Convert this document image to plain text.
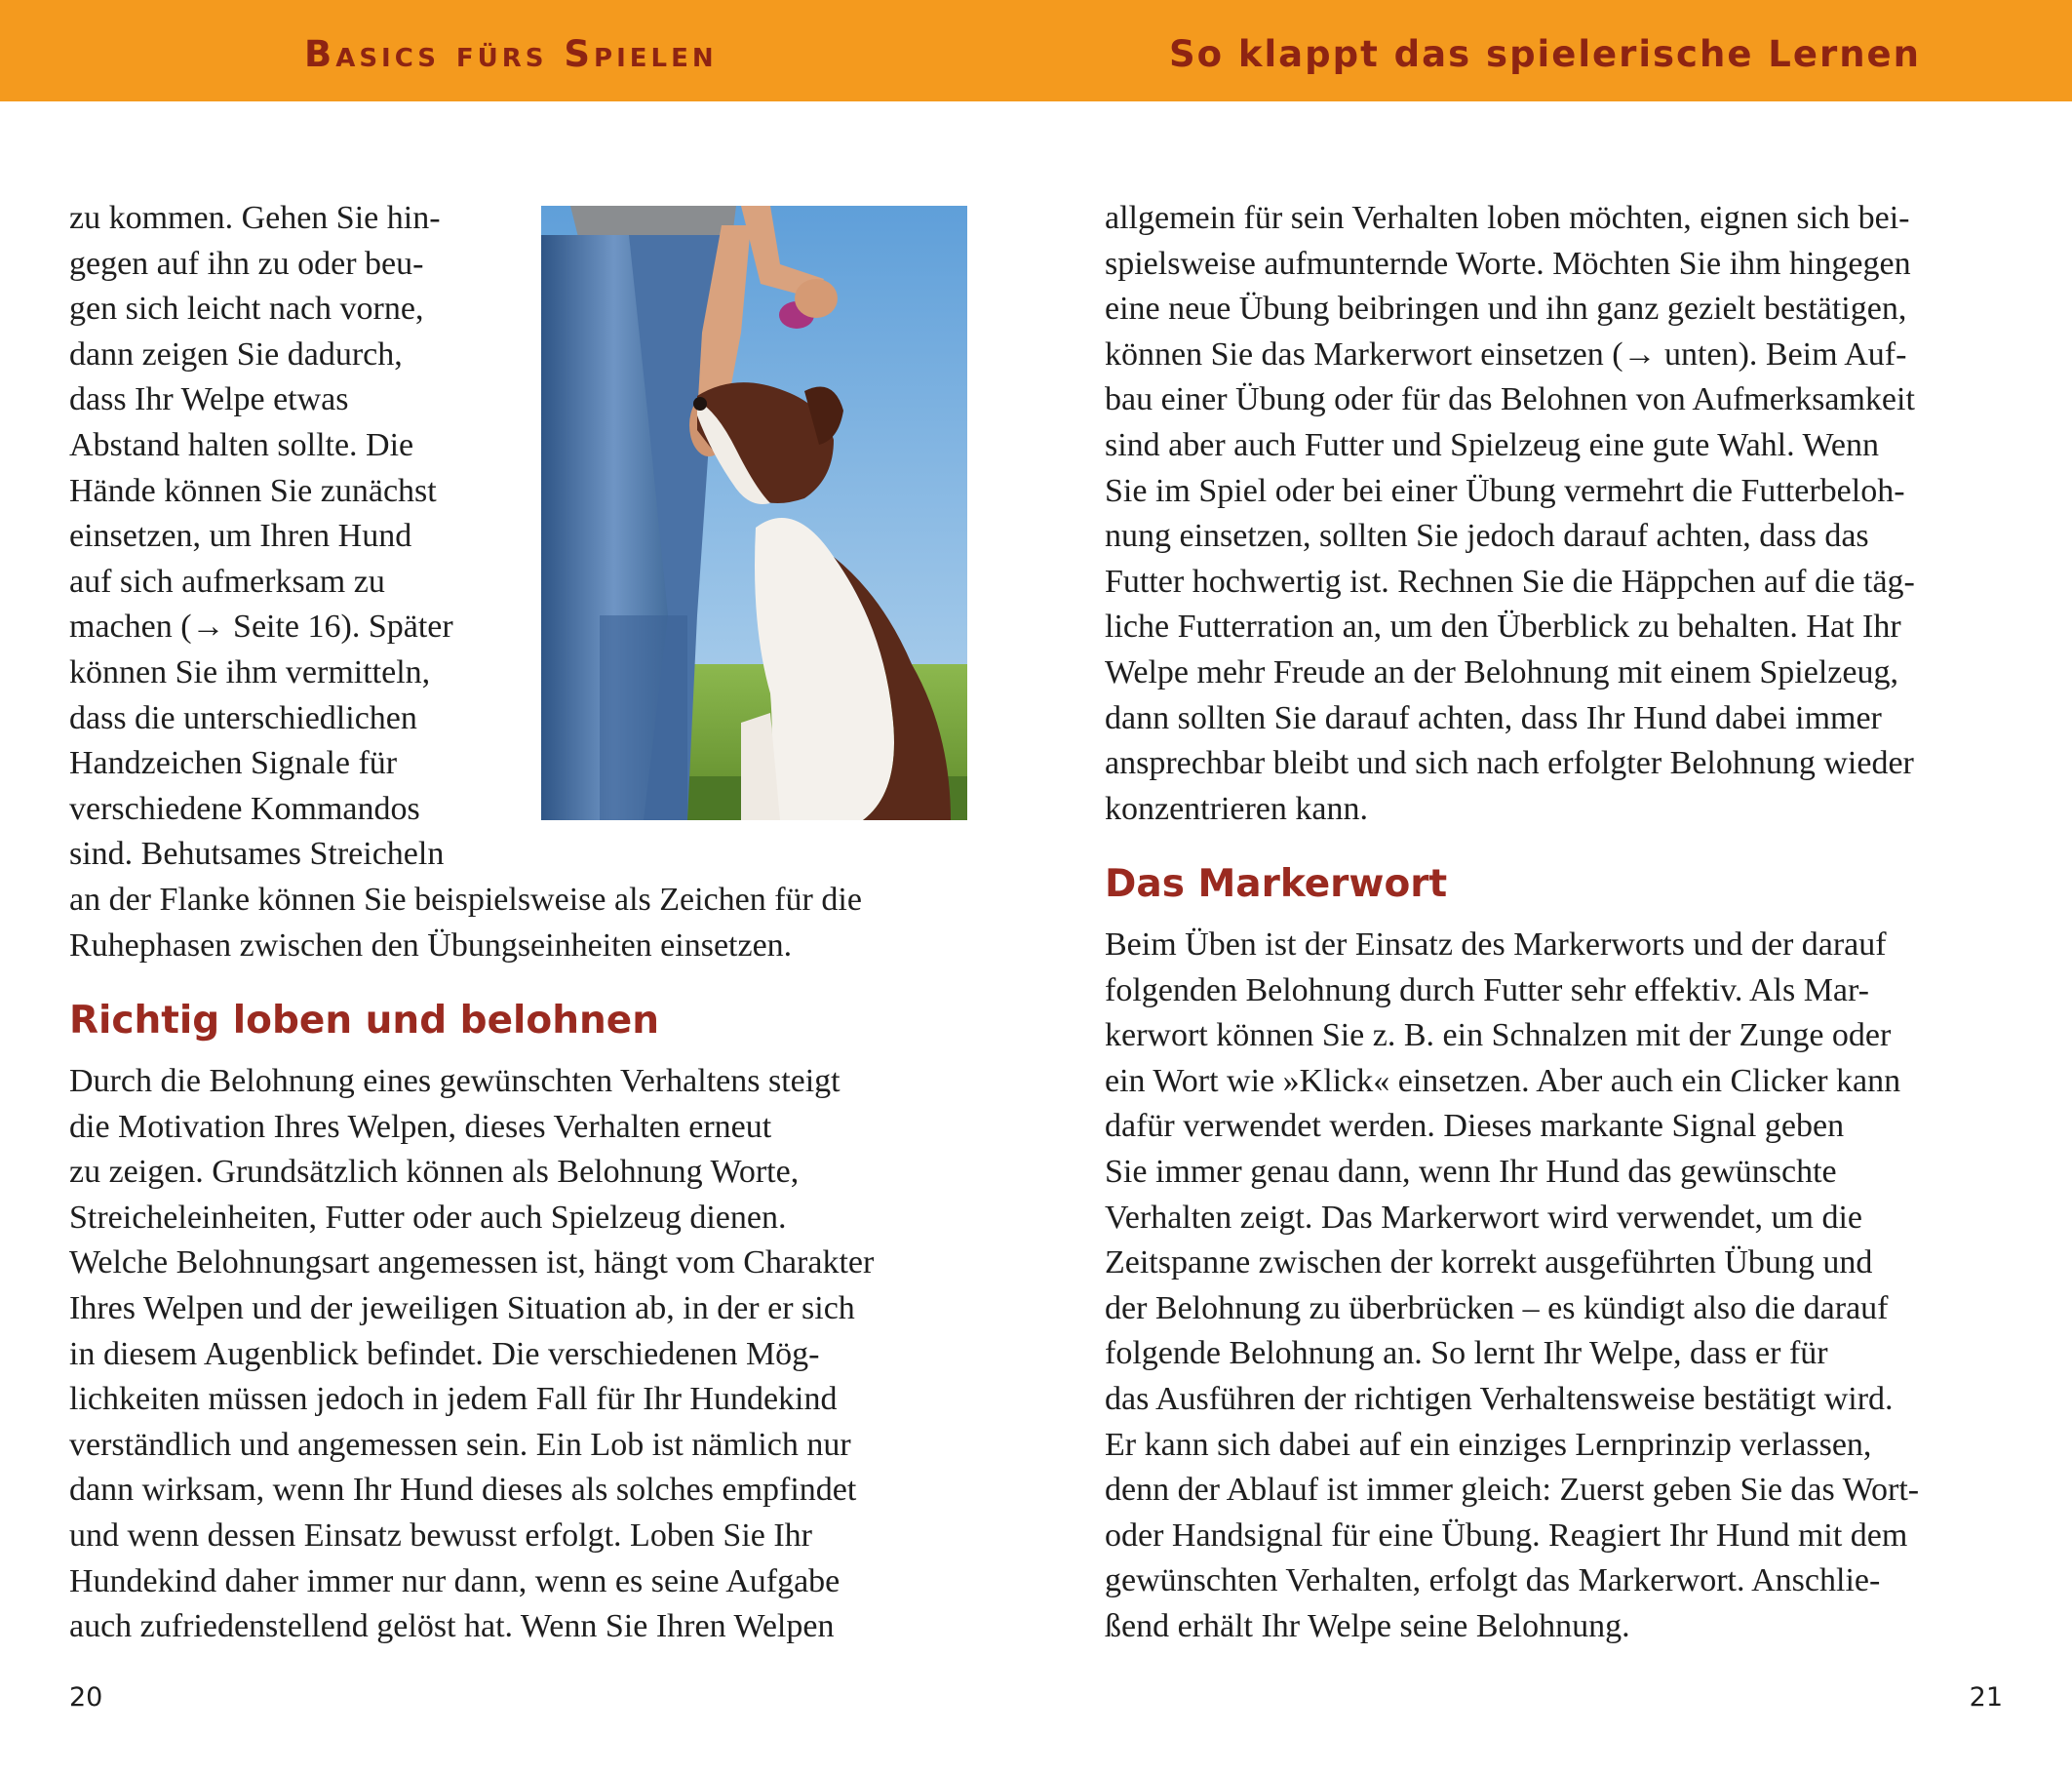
Basics fürs Spielen	So klappt das spielerische Lernen

zu kommen. Gehen Sie hin-
gegen auf ihn zu oder beu-
gen sich leicht nach vorne,
dann zeigen Sie dadurch,
dass Ihr Welpe etwas
Abstand halten sollte. Die
Hände können Sie zunächst
einsetzen, um Ihren Hund
auf sich aufmerksam zu
machen (→ Seite 16). Später
können Sie ihm vermitteln,
dass die unterschiedlichen
Handzeichen Signale für
verschiedene Kommandos
sind. Behutsames Streicheln
an der Flanke können Sie beispielsweise als Zeichen für die
Ruhephasen zwischen den Übungseinheiten einsetzen.

Richtig loben und belohnen

Durch die Belohnung eines gewünschten Verhaltens steigt
die Motivation Ihres Welpen, dieses Verhalten erneut
zu zeigen. Grundsätzlich können als Belohnung Worte,
Streicheleinheiten, Futter oder auch Spielzeug dienen.
Welche Belohnungsart angemessen ist, hängt vom Charakter
Ihres Welpen und der jeweiligen Situation ab, in der er sich
in diesem Augenblick befindet. Die verschiedenen Mög-
lichkeiten müssen jedoch in jedem Fall für Ihr Hundekind
verständlich und angemessen sein. Ein Lob ist nämlich nur
dann wirksam, wenn Ihr Hund dieses als solches empfindet
und wenn dessen Einsatz bewusst erfolgt. Loben Sie Ihr
Hundekind daher immer nur dann, wenn es seine Aufgabe
auch zufriedenstellend gelöst hat. Wenn Sie Ihren Welpen

20

allgemein für sein Verhalten loben möchten, eignen sich bei-
spielsweise aufmunternde Worte. Möchten Sie ihm hingegen
eine neue Übung beibringen und ihn ganz gezielt bestätigen,
können Sie das Markerwort einsetzen (→ unten). Beim Auf-
bau einer Übung oder für das Belohnen von Aufmerksamkeit
sind aber auch Futter und Spielzeug eine gute Wahl. Wenn
Sie im Spiel oder bei einer Übung vermehrt die Futterbeloh-
nung einsetzen, sollten Sie jedoch darauf achten, dass das
Futter hochwertig ist. Rechnen Sie die Häppchen auf die täg-
liche Futterration an, um den Überblick zu behalten. Hat Ihr
Welpe mehr Freude an der Belohnung mit einem Spielzeug,
dann sollten Sie darauf achten, dass Ihr Hund dabei immer
ansprechbar bleibt und sich nach erfolgter Belohnung wieder
konzentrieren kann.

Das Markerwort

Beim Üben ist der Einsatz des Markerworts und der darauf
folgenden Belohnung durch Futter sehr effektiv. Als Mar-
kerwort können Sie z. B. ein Schnalzen mit der Zunge oder
ein Wort wie »Klick« einsetzen. Aber auch ein Clicker kann
dafür verwendet werden. Dieses markante Signal geben
Sie immer genau dann, wenn Ihr Hund das gewünschte
Verhalten zeigt. Das Markerwort wird verwendet, um die
Zeitspanne zwischen der korrekt ausgeführten Übung und
der Belohnung zu überbrücken – es kündigt also die darauf
folgende Belohnung an. So lernt Ihr Welpe, dass er für
das Ausführen der richtigen Verhaltensweise bestätigt wird.
Er kann sich dabei auf ein einziges Lernprinzip verlassen,
denn der Ablauf ist immer gleich: Zuerst geben Sie das Wort-
oder Handsignal für eine Übung. Reagiert Ihr Hund mit dem
gewünschten Verhalten, erfolgt das Markerwort. Anschlie-
ßend erhält Ihr Welpe seine Belohnung.

21
